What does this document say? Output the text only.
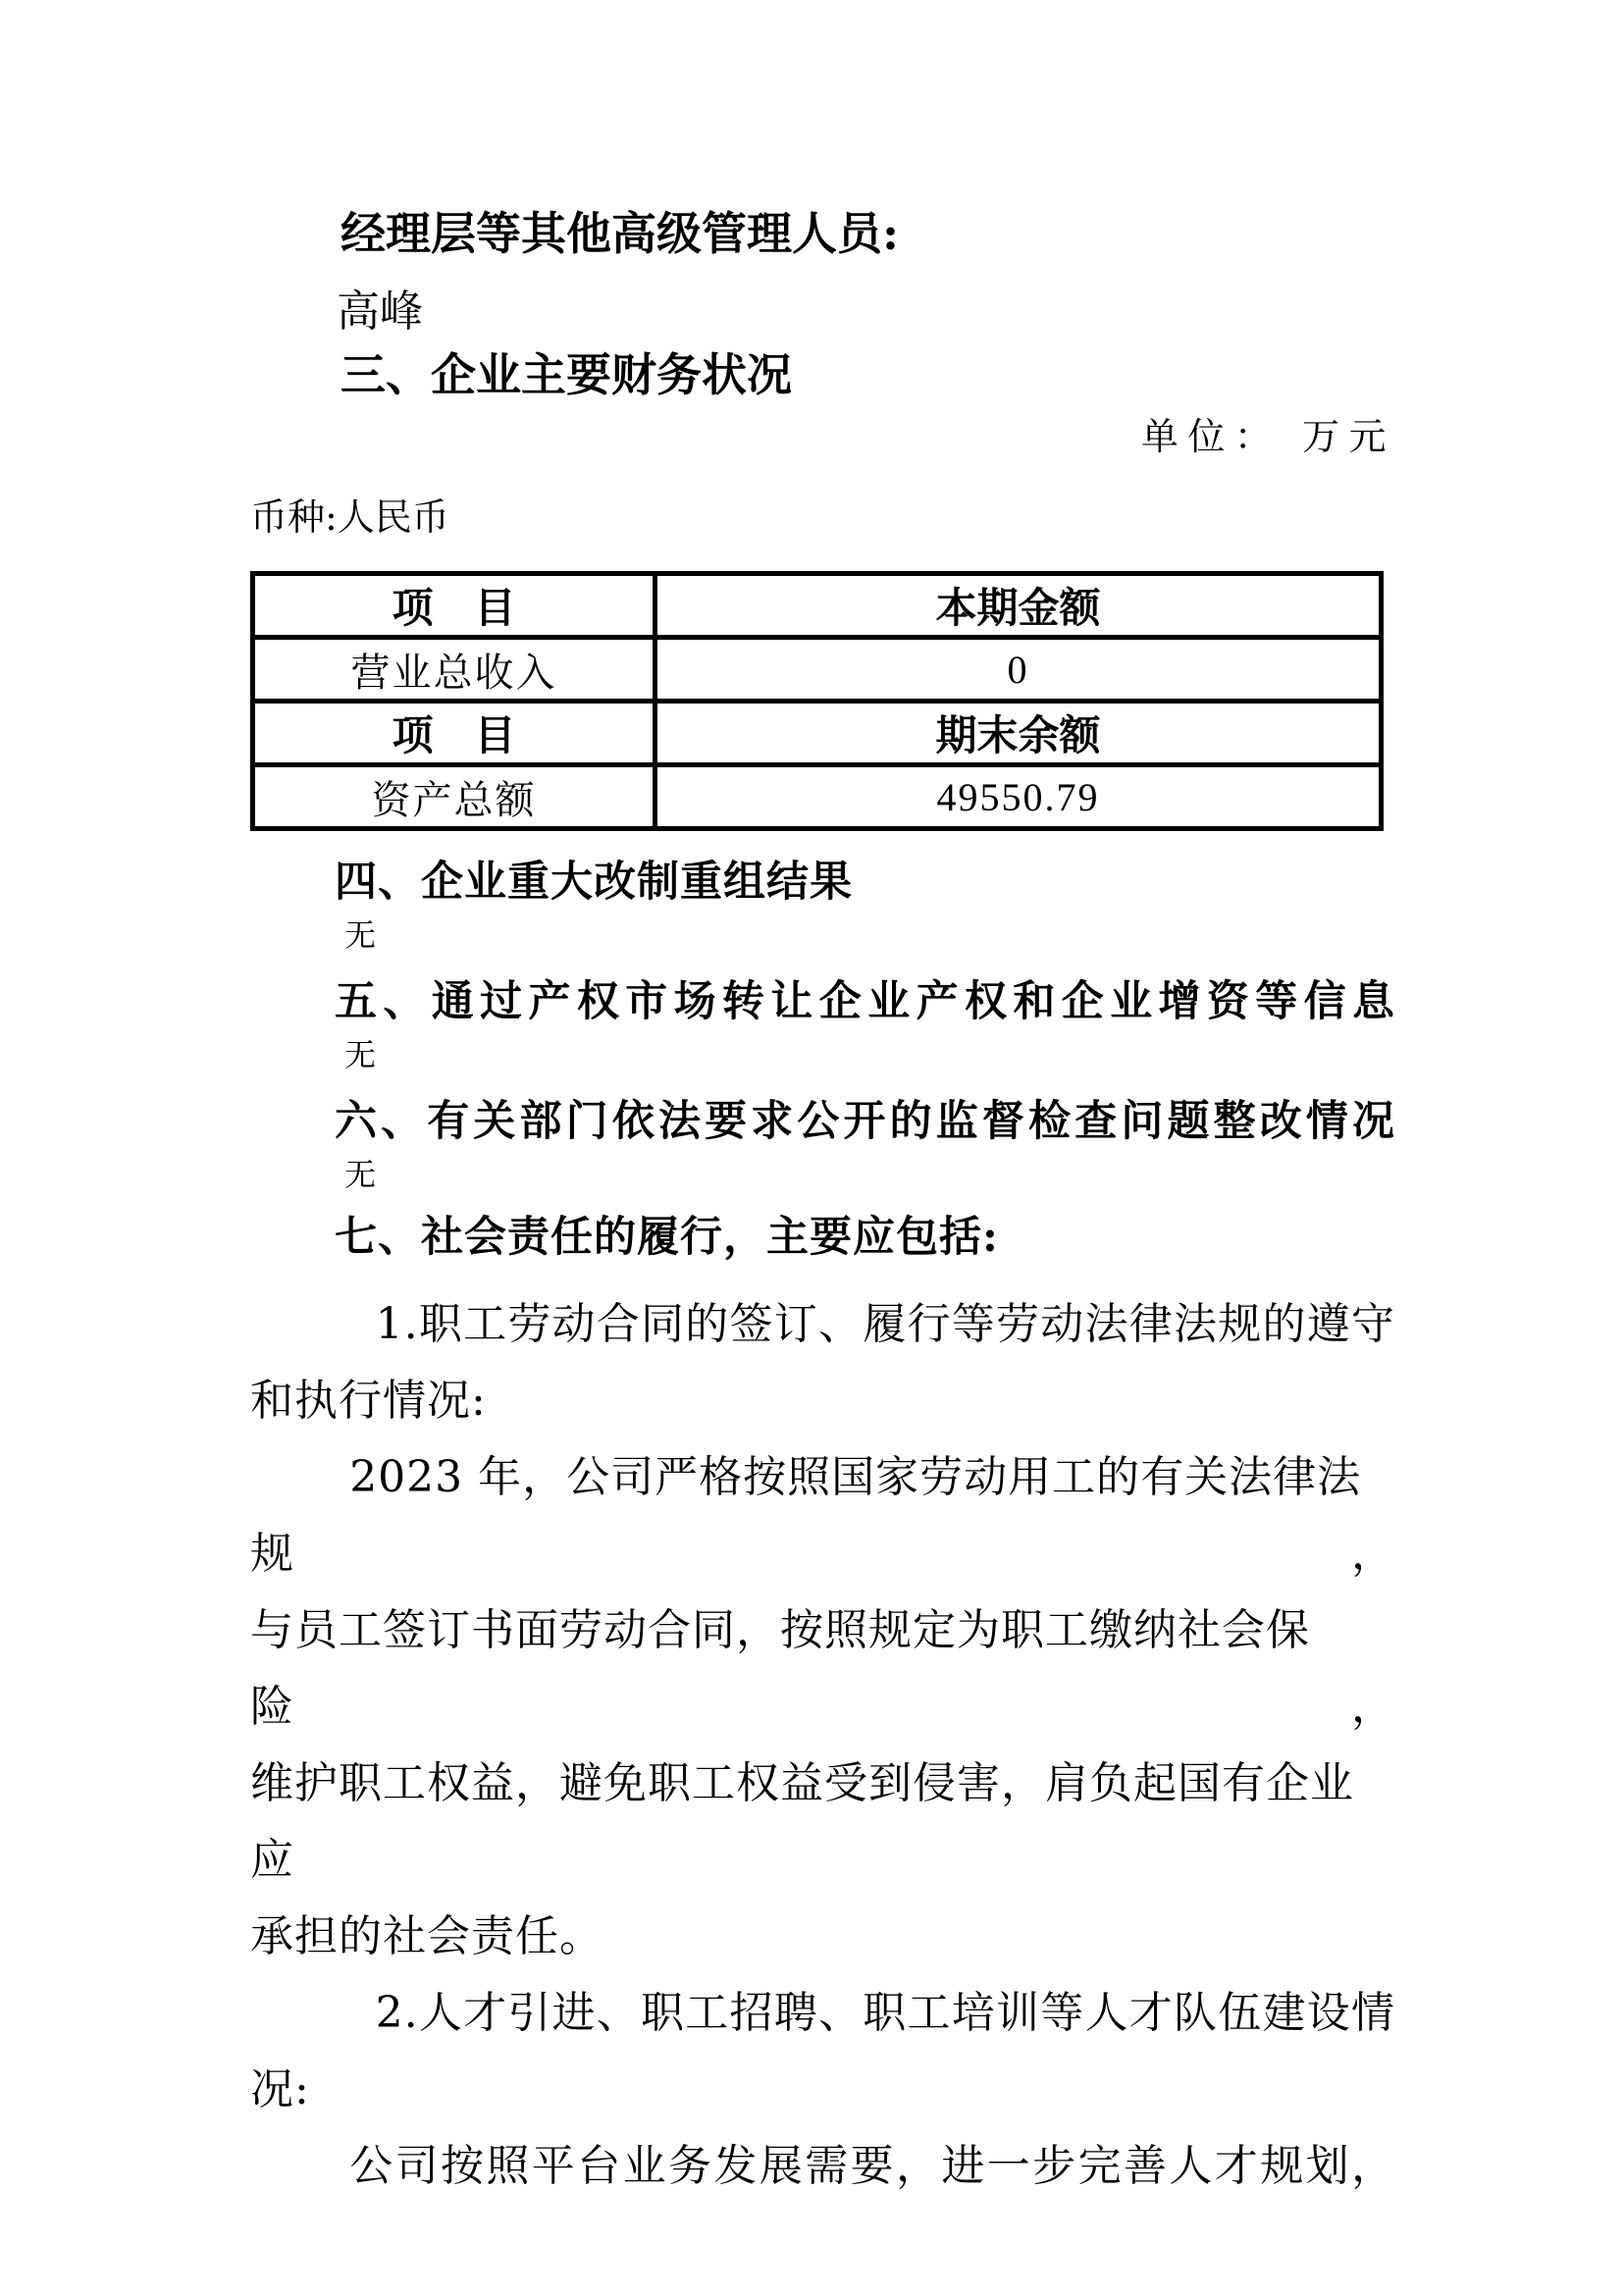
经理层等其他高级管理人员:
高峰
三、企业主要财务状况
单位： 万元
币种:人民币
项　目	本期金额
营业总收入	0
项　目	期末余额
资产总额	49550.79
四、企业重大改制重组结果
无
五、通过产权市场转让企业产权和企业增资等信息
无
六、有关部门依法要求公开的监督检查问题整改情况
无
七、社会责任的履行，主要应包括:
1.职工劳动合同的签订、履行等劳动法律法规的遵守
和执行情况:
2023 年，公司严格按照国家劳动用工的有关法律法规，
与员工签订书面劳动合同，按照规定为职工缴纳社会保险，
维护职工权益，避免职工权益受到侵害，肩负起国有企业应
承担的社会责任。
2.人才引进、职工招聘、职工培训等人才队伍建设情
况:
公司按照平台业务发展需要，进一步完善人才规划，
